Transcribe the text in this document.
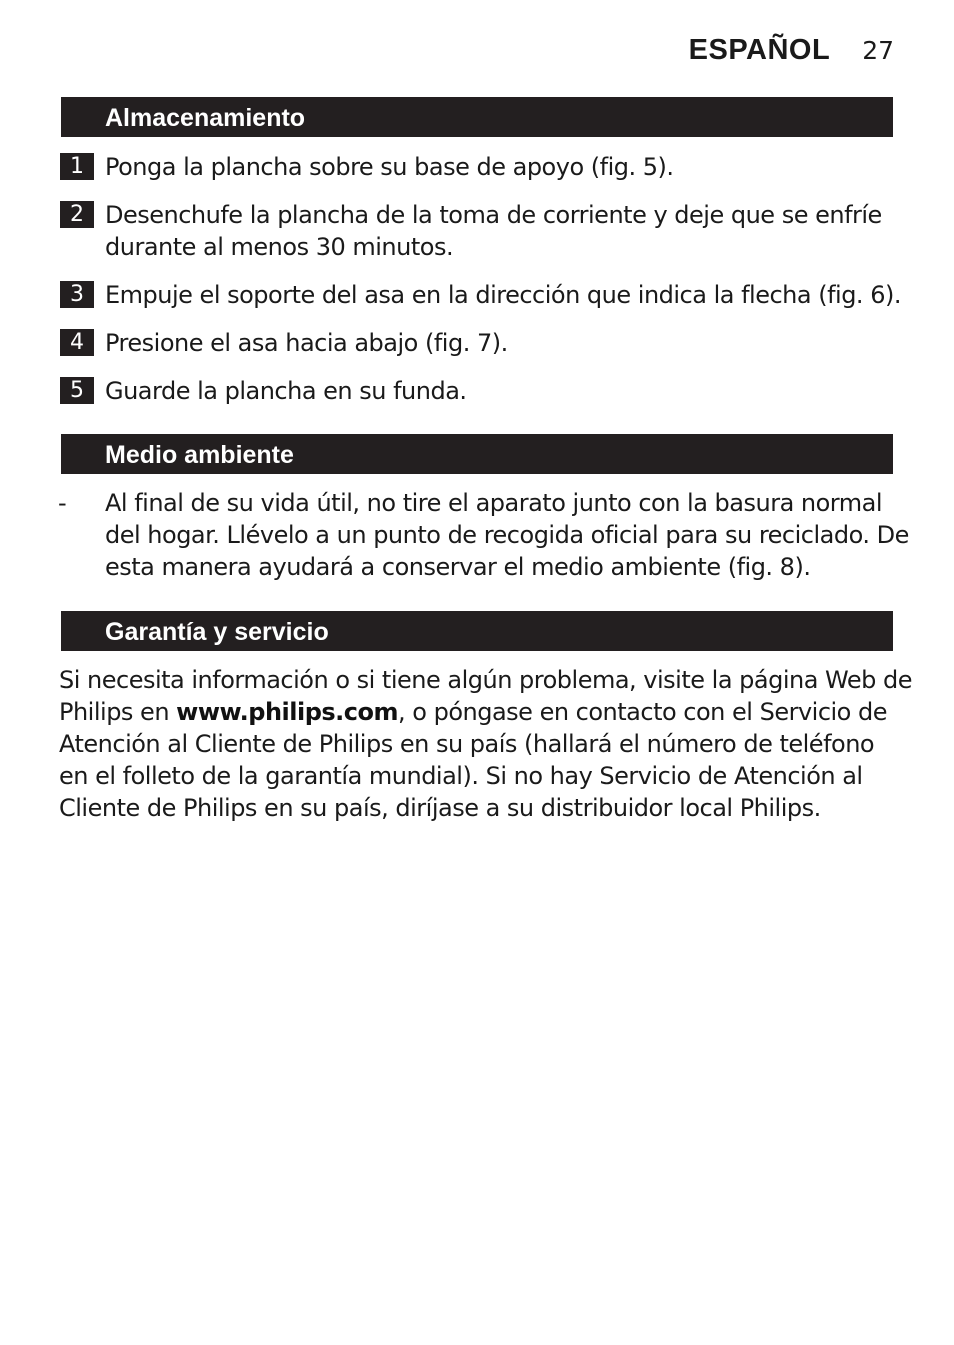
ESPAÑOL 27
Almacenamiento
1 Ponga la plancha sobre su base de apoyo (fig. 5).
2 Desenchufe la plancha de la toma de corriente y deje que se enfríe
durante al menos 30 minutos.
3 Empuje el soporte del asa en la dirección que indica la flecha (fig. 6).
4 Presione el asa hacia abajo (fig. 7).
5 Guarde la plancha en su funda.
Medio ambiente
- Al final de su vida útil, no tire el aparato junto con la basura normal
del hogar. Llévelo a un punto de recogida oficial para su reciclado. De
esta manera ayudará a conservar el medio ambiente (fig. 8).
Garantía y servicio
Si necesita información o si tiene algún problema, visite la página Web de
Philips en www.philips.com, o póngase en contacto con el Servicio de
Atención al Cliente de Philips en su país (hallará el número de teléfono
en el folleto de la garantía mundial). Si no hay Servicio de Atención al
Cliente de Philips en su país, diríjase a su distribuidor local Philips.
